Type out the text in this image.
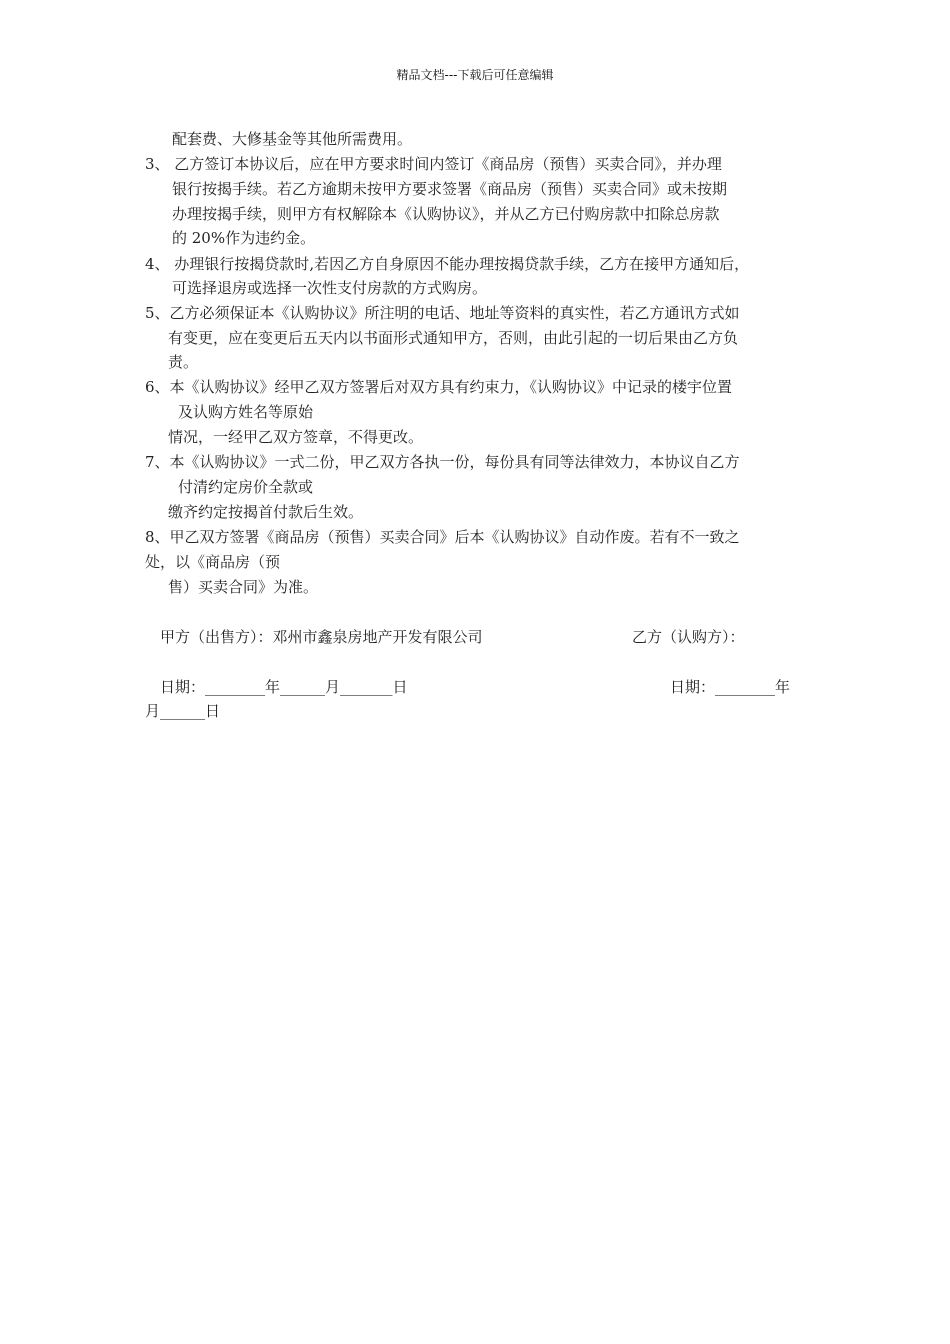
精品文档---下载后可任意编辑
配套费、大修基金等其他所需费用。
3、 乙方签订本协议后，应在甲方要求时间内签订《商品房（预售）买卖合同》，并办理
银行按揭手续。若乙方逾期未按甲方要求签署《商品房（预售）买卖合同》或未按期
办理按揭手续，则甲方有权解除本《认购协议》，并从乙方已付购房款中扣除总房款
的 20%作为违约金。
4、 办理银行按揭贷款时,若因乙方自身原因不能办理按揭贷款手续，乙方在接甲方通知后，
可选择退房或选择一次性支付房款的方式购房。
5、乙方必须保证本《认购协议》所注明的电话、地址等资料的真实性，若乙方通讯方式如
有变更，应在变更后五天内以书面形式通知甲方，否则，由此引起的一切后果由乙方负
责。
6、本《认购协议》经甲乙双方签署后对双方具有约束力，《认购协议》中记录的楼宇位置
及认购方姓名等原始
情况，一经甲乙双方签章，不得更改。
7、本《认购协议》一式二份，甲乙双方各执一份，每份具有同等法律效力，本协议自乙方
付清约定房价全款或
缴齐约定按揭首付款后生效。
8、甲乙双方签署《商品房（预售）买卖合同》后本《认购协议》自动作废。若有不一致之
处，以《商品房（预
售）买卖合同》为准。
甲方（出售方）：邓州市鑫泉房地产开发有限公司	乙方（认购方）：
日期：________年______月_______日	日期：________年
月______日
